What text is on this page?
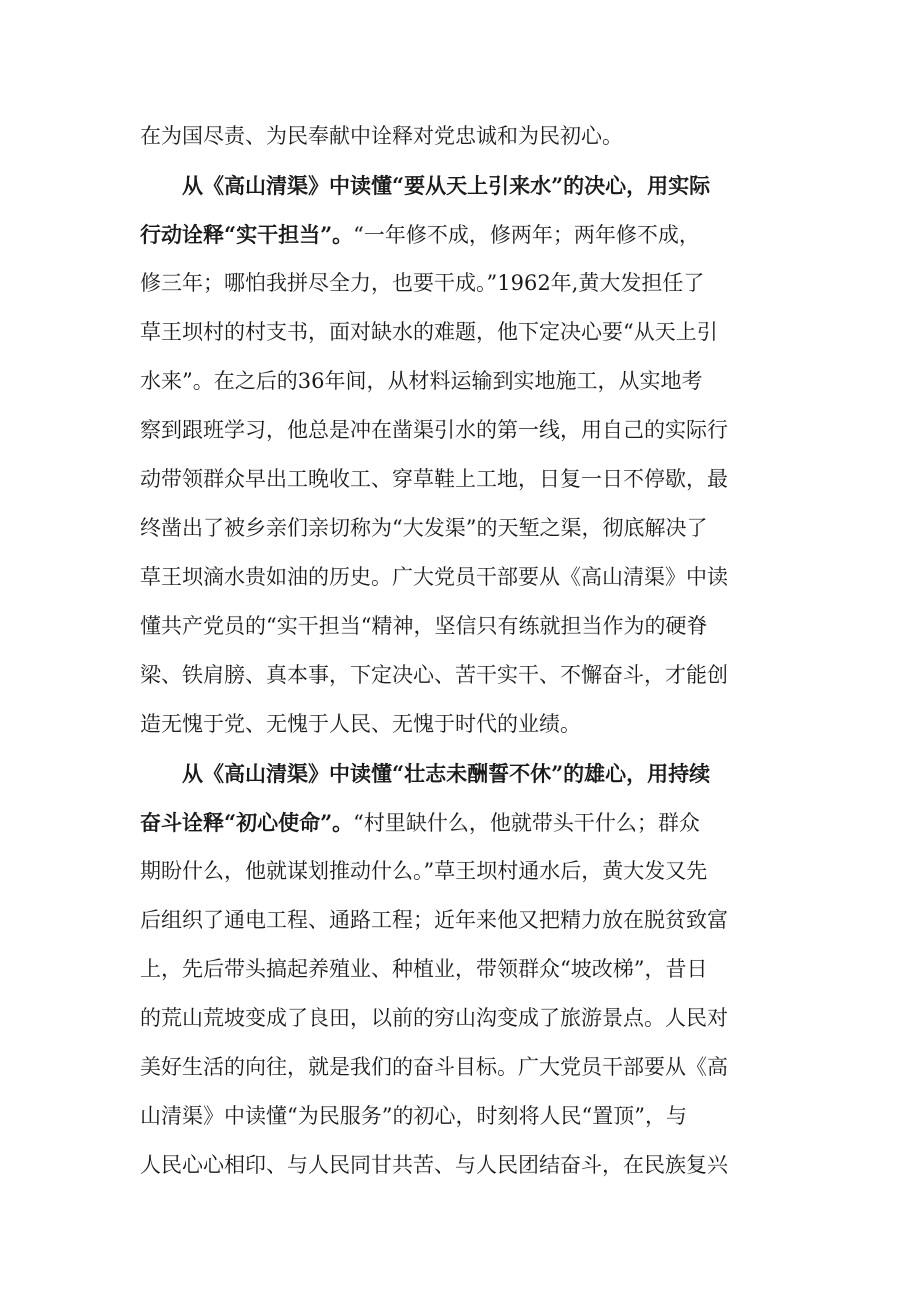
在为国尽责、为民奉献中诠释对党忠诚和为民初心。
从《高山清渠》中读懂“要从天上引来水”的决心，用实际
行动诠释“实干担当”。“一年修不成，修两年；两年修不成，
修三年；哪怕我拼尽全力，也要干成。”1962年,黄大发担任了
草王坝村的村支书，面对缺水的难题，他下定决心要“从天上引
水来”。在之后的36年间，从材料运输到实地施工，从实地考
察到跟班学习，他总是冲在凿渠引水的第一线，用自己的实际行
动带领群众早出工晚收工、穿草鞋上工地，日复一日不停歇，最
终凿出了被乡亲们亲切称为“大发渠”的天堑之渠，彻底解决了
草王坝滴水贵如油的历史。广大党员干部要从《高山清渠》中读
懂共产党员的“实干担当“精神，坚信只有练就担当作为的硬脊
梁、铁肩膀、真本事，下定决心、苦干实干、不懈奋斗，才能创
造无愧于党、无愧于人民、无愧于时代的业绩。
从《高山清渠》中读懂“壮志未酬誓不休”的雄心，用持续
奋斗诠释“初心使命”。“村里缺什么，他就带头干什么；群众
期盼什么，他就谋划推动什么。”草王坝村通水后，黄大发又先
后组织了通电工程、通路工程；近年来他又把精力放在脱贫致富
上，先后带头搞起养殖业、种植业，带领群众“坡改梯”，昔日
的荒山荒坡变成了良田，以前的穷山沟变成了旅游景点。人民对
美好生活的向往，就是我们的奋斗目标。广大党员干部要从《高
山清渠》中读懂“为民服务”的初心，时刻将人民“置顶”，与
人民心心相印、与人民同甘共苦、与人民团结奋斗，在民族复兴
